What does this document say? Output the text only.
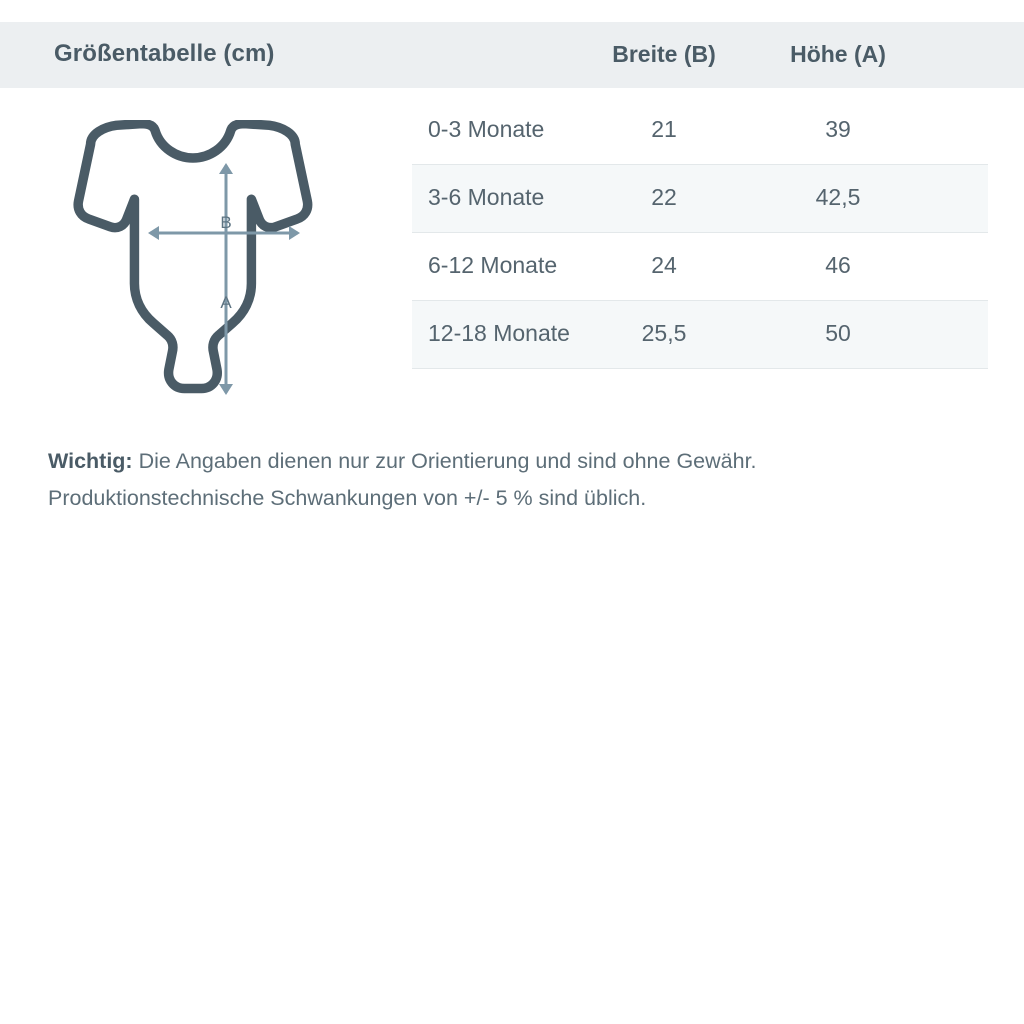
Größentabelle (cm)	Breite (B)	Höhe (A)
A
B
0-3 Monate	21	39
3-6 Monate	22	42,5
6-12 Monate	24	46
12-18 Monate	25,5	50
Wichtig: Die Angaben dienen nur zur Orientierung und sind ohne Gewähr.
Produktionstechnische Schwankungen von +/- 5 % sind üblich.
